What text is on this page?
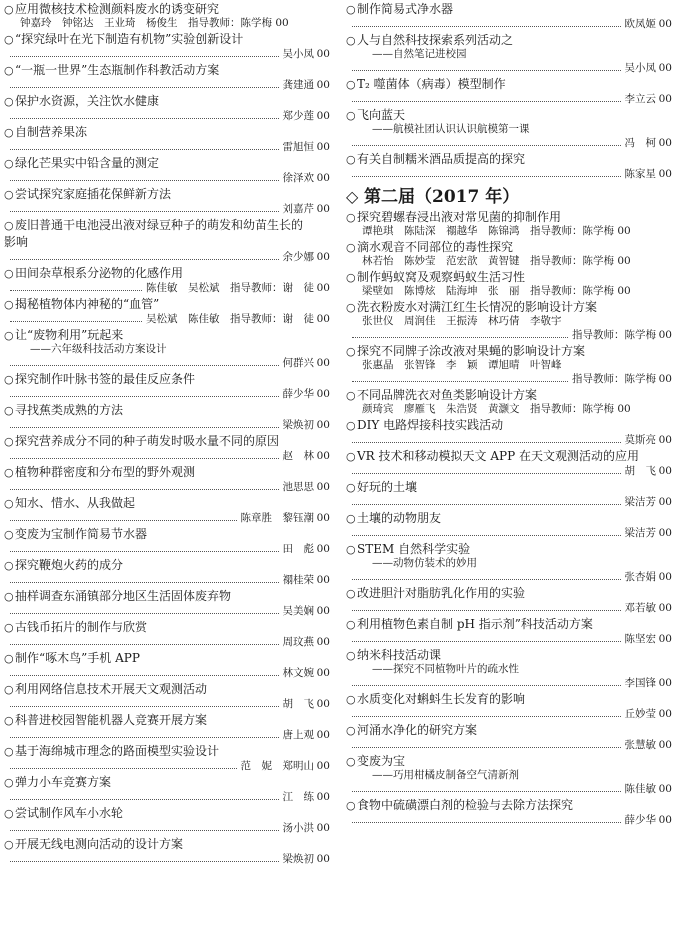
○应用微核技术检测颜料废水的诱变研究
钟嘉玲　钟铭达　王业琦　杨俊生　指导教师：陈学梅 00
○“探究绿叶在光下制造有机物”实验创新设计
吴小凤 00
○“一瓶一世界”生态瓶制作科教活动方案
龚建通 00
○保护水资源，关注饮水健康
郑少莲 00
○自制营养果冻
雷旭恒 00
○绿化芒果实中铅含量的测定
徐泽欢 00
○尝试探究家庭插花保鲜新方法
刘嘉芹 00
○废旧普通干电池浸出液对绿豆种子的萌发和幼苗生长的
影响
余少娜 00
○田间杂草根系分泌物的化感作用
陈佳敏　吴松斌　指导教师：谢　徒 00
○揭秘植物体内神秘的“血管”
吴松斌　陈佳敏　指导教师：谢　徒 00
○让“废物利用”玩起来
——六年级科技活动方案设计
何群兴 00
○探究制作叶脉书签的最佳反应条件
薛少华 00
○寻找蕉类成熟的方法
梁焕初 00
○探究营养成分不同的种子萌发时吸水量不同的原因
赵　林 00
○植物种群密度和分布型的野外观测
池思思 00
○知水、惜水、从我做起
陈章胜　黎钰潮 00
○变废为宝制作简易节水器
田　彪 00
○探究鞭炮火药的成分
禤桂荣 00
○抽样调查东涌镇部分地区生活固体废弃物
吴美娴 00
○古钱币拓片的制作与欣赏
周玟燕 00
○制作“啄木鸟”手机 APP
林文婉 00
○利用网络信息技术开展天文观测活动
胡　飞 00
○科普进校园智能机器人竞赛开展方案
唐上观 00
○基于海绵城市理念的路面模型实验设计
范　妮　郑明山 00
○弹力小车竞赛方案
江　练 00
○尝试制作风车小水轮
汤小洪 00
○开展无线电测向活动的设计方案
梁焕初 00
○制作简易式净水器
欧凤姬 00
○人与自然科技探索系列活动之
——自然笔记进校园
吴小凤 00
○T₂ 噬菌体（病毒）模型制作
李立云 00
○飞向蓝天
——航模社团认识认识航模第一课
冯　柯 00
○有关自制糯米酒品质提高的探究
陈家星 00
◇ 第二届（2017 年）
○探究碧螺春浸出液对常见菌的抑制作用
谭艳琪　陈陆深　禤越华　陈锦鸿　指导教师：陈学梅 00
○滴水观音不同部位的毒性探究
林若怡　陈妙莹　范宏歆　黄智键　指导教师：陈学梅 00
○制作蚂蚁窝及观察蚂蚁生活习性
梁壁如　陈博炫　陆海坤　张　丽　指导教师：陈学梅 00
○洗衣粉废水对满江红生长情况的影响设计方案
张世仪　周润佳　王振涛　林巧倩　李敬宇
指导教师：陈学梅 00
○探究不同牌子涂改液对果蝇的影响设计方案
张惠晶　张智锋　李　颖　谭旭晴　叶智峰
指导教师：陈学梅 00
○不同品牌洗衣对鱼类影响设计方案
颜琦宾　廖雁飞　朱浩贤　黄灏文　指导教师：陈学梅 00
○DIY 电路焊接科技实践活动
莫斯亮 00
○VR 技术和移动模拟天文 APP 在天文观测活动的应用
胡　飞 00
○好玩的土壤
梁洁芳 00
○土壤的动物朋友
梁洁芳 00
○STEM 自然科学实验
——动物仿装术的妙用
张杏娟 00
○改进胆汁对脂肪乳化作用的实验
邓若敏 00
○利用植物色素自制 pH 指示剂”科技活动方案
陈坚宏 00
○纳米科技活动课
——探究不同植物叶片的疏水性
李国锋 00
○水质变化对蝌蚪生长发育的影响
丘妙莹 00
○河涌水净化的研究方案
张慧敏 00
○变废为宝
——巧用柑橘皮制备空气清新剂
陈佳敏 00
○食物中硫磺漂白剂的检验与去除方法探究
薛少华 00
